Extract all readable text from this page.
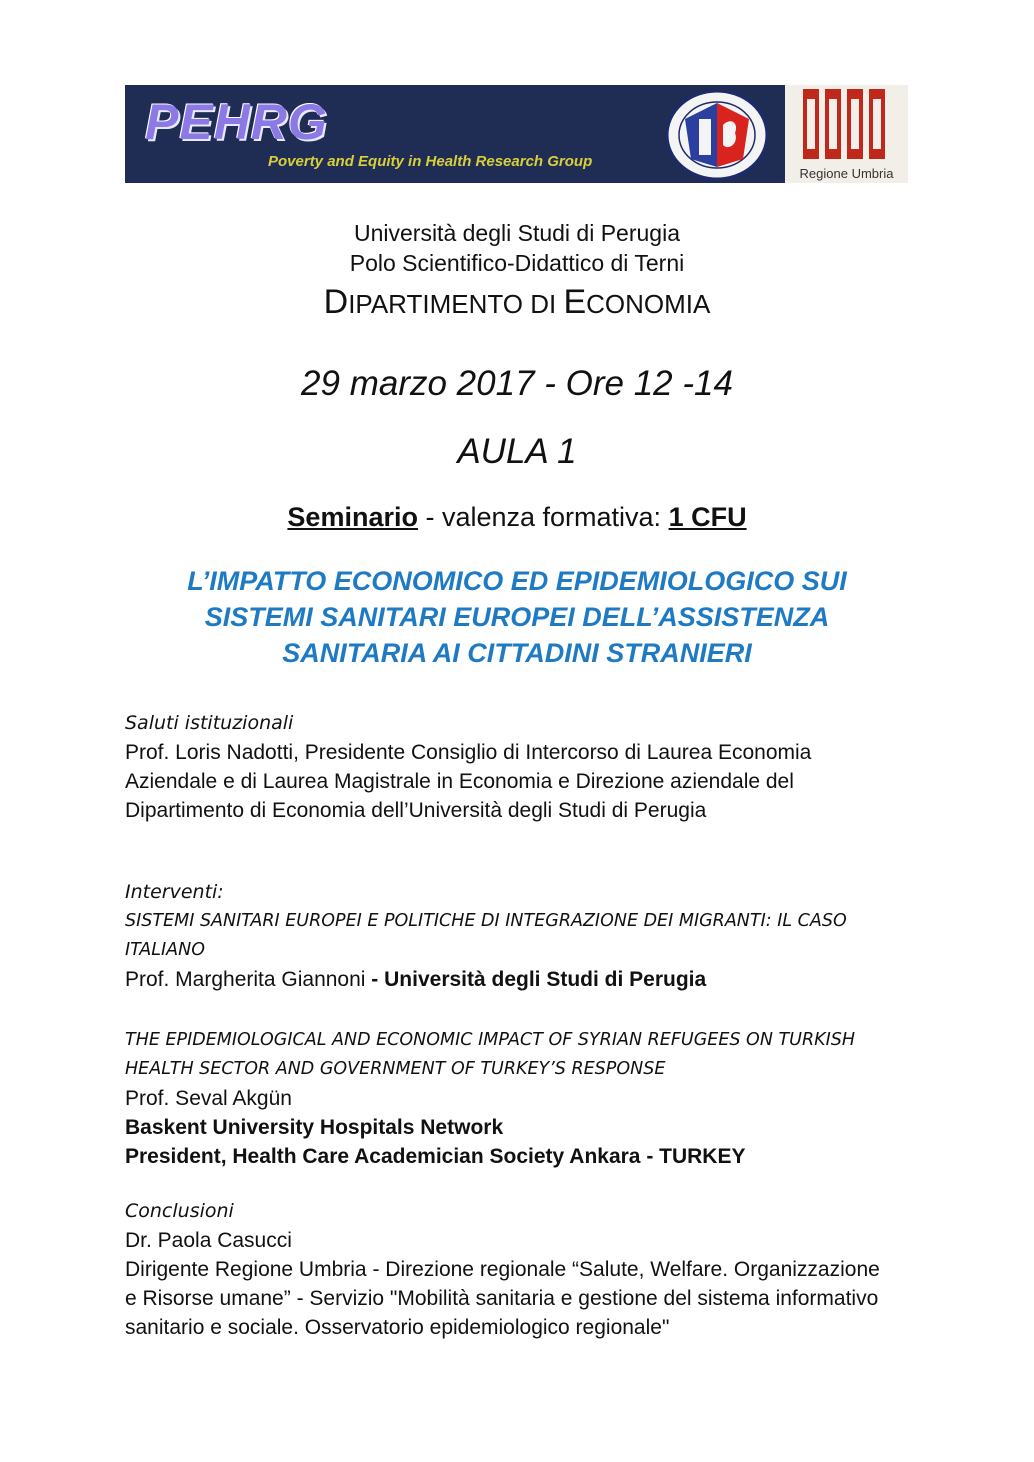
PEHRG
Poverty and Equity in Health Research Group
Regione Umbria
Università degli Studi di Perugia
Polo Scientifico-Didattico di Terni
DIPARTIMENTO DI ECONOMIA
29 marzo 2017 - Ore 12 -14
AULA 1
Seminario - valenza formativa: 1 CFU
L’IMPATTO ECONOMICO ED EPIDEMIOLOGICO SUI
SISTEMI SANITARI EUROPEI DELL’ASSISTENZA
SANITARIA AI CITTADINI STRANIERI
Saluti istituzionali
Prof. Loris Nadotti, Presidente Consiglio di Intercorso di Laurea Economia Aziendale e di Laurea Magistrale in Economia e Direzione aziendale del Dipartimento di Economia dell’Università degli Studi di Perugia
Interventi:
SISTEMI SANITARI EUROPEI E POLITICHE DI INTEGRAZIONE DEI MIGRANTI: IL CASO ITALIANO
Prof. Margherita Giannoni - Università degli Studi di Perugia
THE EPIDEMIOLOGICAL AND ECONOMIC IMPACT OF SYRIAN REFUGEES ON TURKISH HEALTH SECTOR AND GOVERNMENT OF TURKEY’S RESPONSE
Prof. Seval Akgün
Baskent University Hospitals Network
President, Health Care Academician Society Ankara - TURKEY
Conclusioni
Dr. Paola Casucci
Dirigente Regione Umbria - Direzione regionale “Salute, Welfare. Organizzazione e Risorse umane” - Servizio "Mobilità sanitaria e gestione del sistema informativo sanitario e sociale. Osservatorio epidemiologico regionale"
